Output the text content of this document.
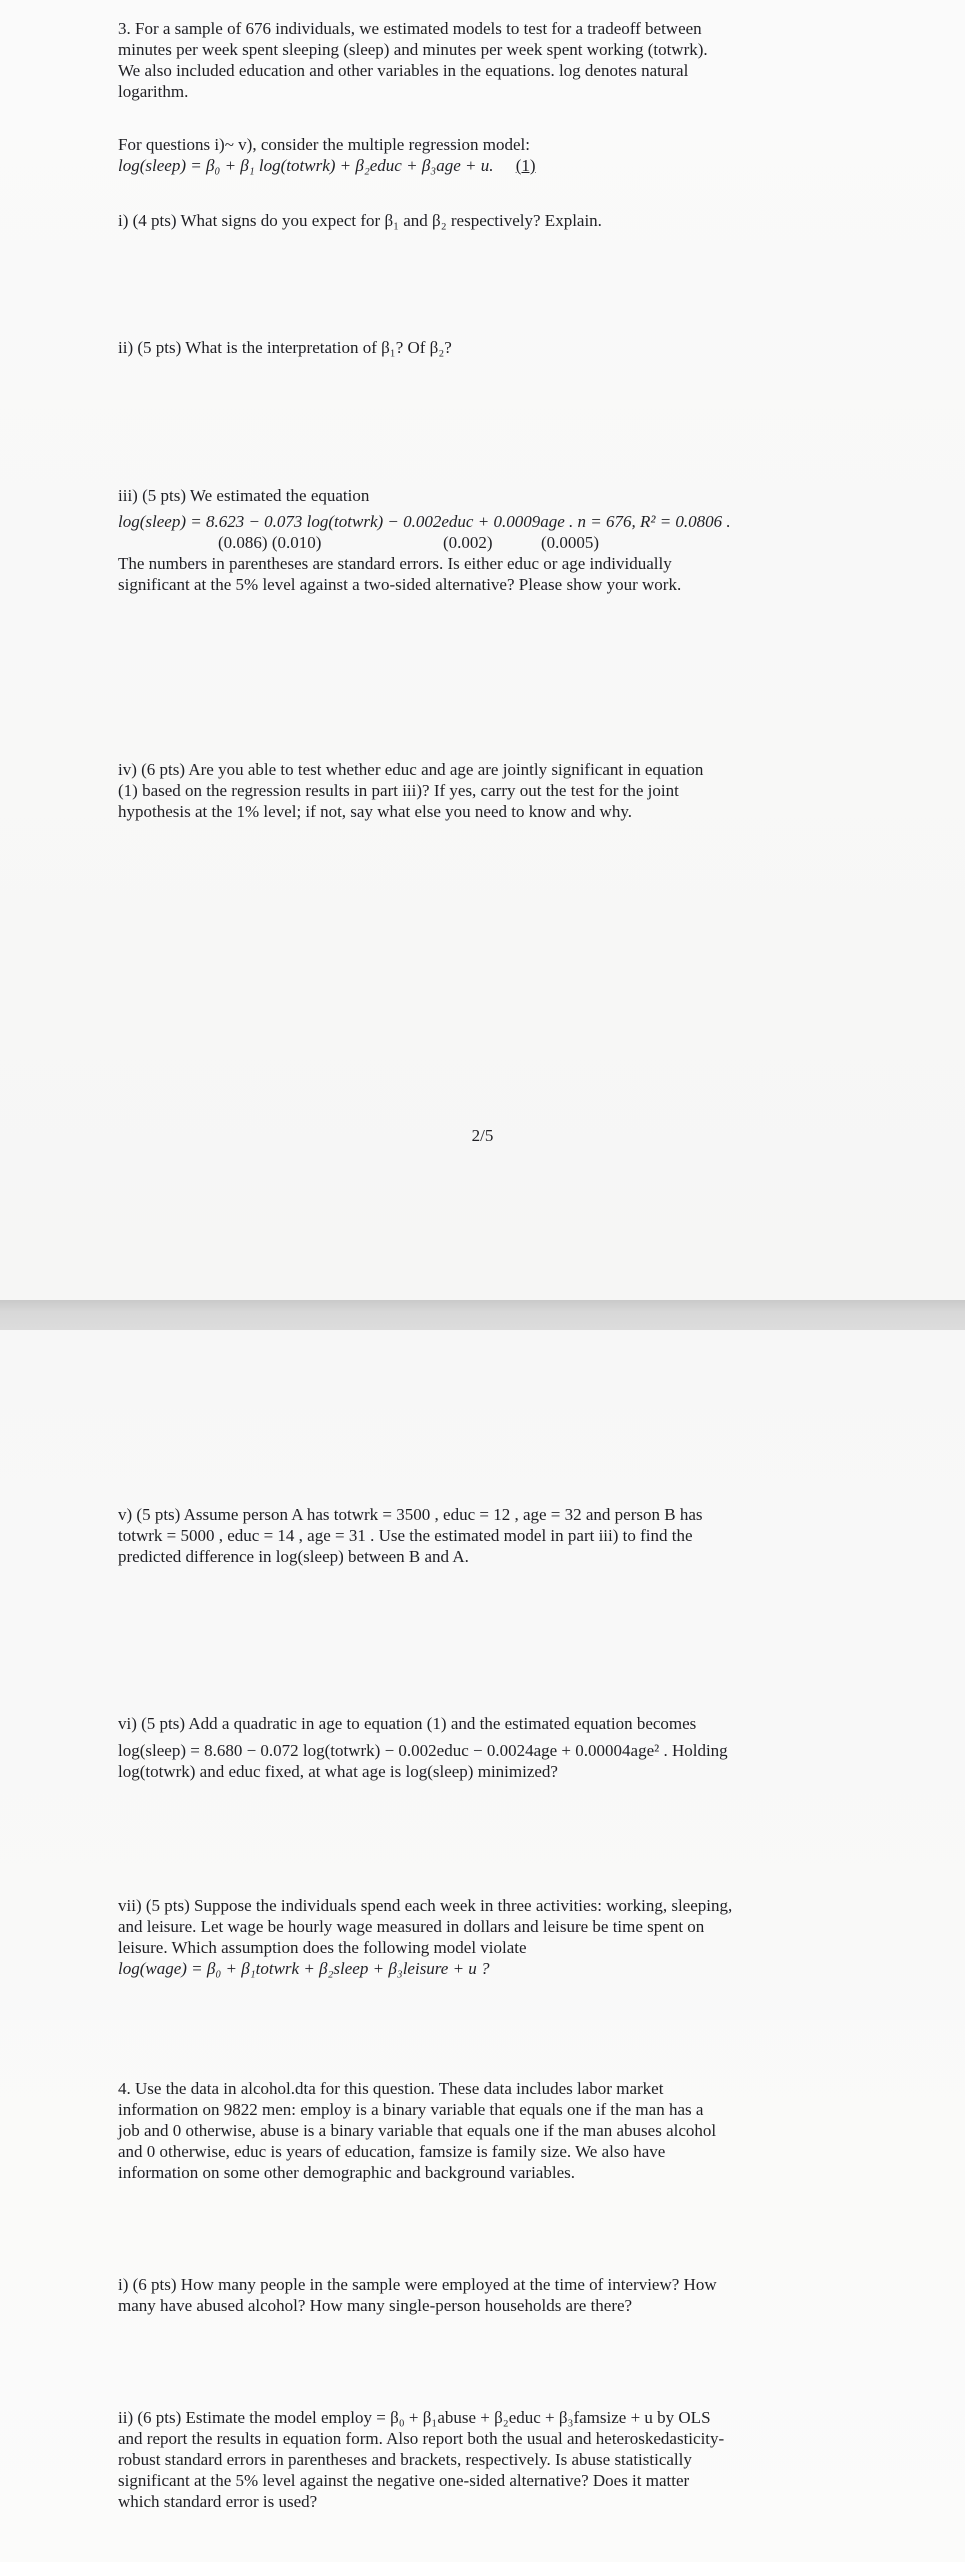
3. For a sample of 676 individuals, we estimated models to test for a tradeoff between

minutes per week spent sleeping (sleep) and minutes per week spent working (totwrk).

We also included education and other variables in the equations. log denotes natural

logarithm.

For questions i)~ v), consider the multiple regression model:

log(sleep) = β₀ + β₁ log(totwrk) + β₂educ + β₃age + u. (1)

i) (4 pts) What signs do you expect for β₁ and β₂ respectively? Explain.

ii) (5 pts) What is the interpretation of β₁? Of β₂?

iii) (5 pts) We estimated the equation

log(sleep) = 8.623 − 0.073 log(totwrk) − 0.002educ + 0.0009age . n = 676, R² = 0.0806 .

(0.086) (0.010)	(0.002)	(0.0005)

The numbers in parentheses are standard errors. Is either educ or age individually

significant at the 5% level against a two-sided alternative? Please show your work.

iv) (6 pts) Are you able to test whether educ and age are jointly significant in equation

(1) based on the regression results in part iii)? If yes, carry out the test for the joint

hypothesis at the 1% level; if not, say what else you need to know and why.

2/5

v) (5 pts) Assume person A has totwrk = 3500 , educ = 12 , age = 32 and person B has

totwrk = 5000 , educ = 14 , age = 31 . Use the estimated model in part iii) to find the

predicted difference in log(sleep) between B and A.

vi) (5 pts) Add a quadratic in age to equation (1) and the estimated equation becomes

log(sleep) = 8.680 − 0.072 log(totwrk) − 0.002educ − 0.0024age + 0.00004age² . Holding

log(totwrk) and educ fixed, at what age is log(sleep) minimized?

vii) (5 pts) Suppose the individuals spend each week in three activities: working, sleeping,

and leisure. Let wage be hourly wage measured in dollars and leisure be time spent on

leisure. Which assumption does the following model violate

log(wage) = β₀ + β₁totwrk + β₂sleep + β₃leisure + u ?

4. Use the data in alcohol.dta for this question. These data includes labor market

information on 9822 men: employ is a binary variable that equals one if the man has a

job and 0 otherwise, abuse is a binary variable that equals one if the man abuses alcohol

and 0 otherwise, educ is years of education, famsize is family size. We also have

information on some other demographic and background variables.

i) (6 pts) How many people in the sample were employed at the time of interview? How

many have abused alcohol? How many single-person households are there?

ii) (6 pts) Estimate the model employ = β₀ + β₁abuse + β₂educ + β₃famsize + u by OLS

and report the results in equation form. Also report both the usual and heteroskedasticity-

robust standard errors in parentheses and brackets, respectively. Is abuse statistically

significant at the 5% level against the negative one-sided alternative? Does it matter

which standard error is used?
